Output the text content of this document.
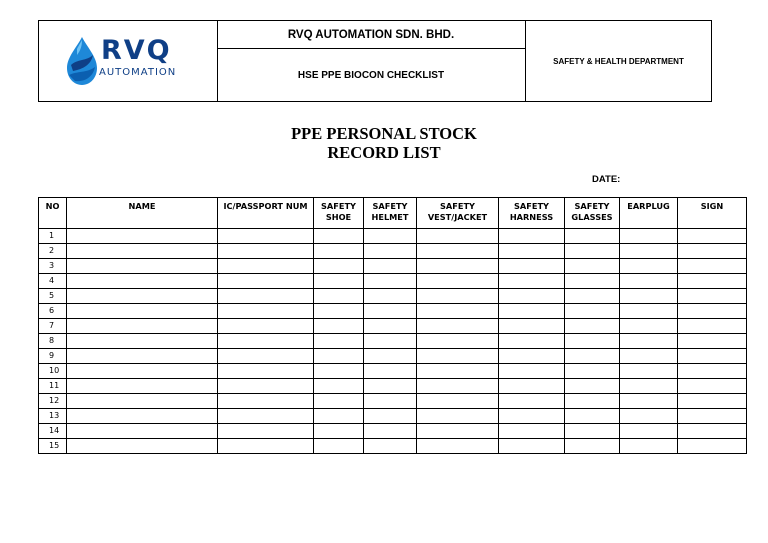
RVQ
AUTOMATION
RVQ AUTOMATION SDN. BHD.
HSE PPE BIOCON CHECKLIST
SAFETY & HEALTH DEPARTMENT
PPE PERSONAL STOCK
RECORD LIST
DATE:
NO	NAME	IC/PASSPORT NUM	SAFETY SHOE	SAFETY HELMET	SAFETY VEST/JACKET	SAFETY HARNESS	SAFETY GLASSES	EARPLUG	SIGN
1									
2									
3									
4									
5									
6									
7									
8									
9									
10									
11									
12									
13									
14									
15									
